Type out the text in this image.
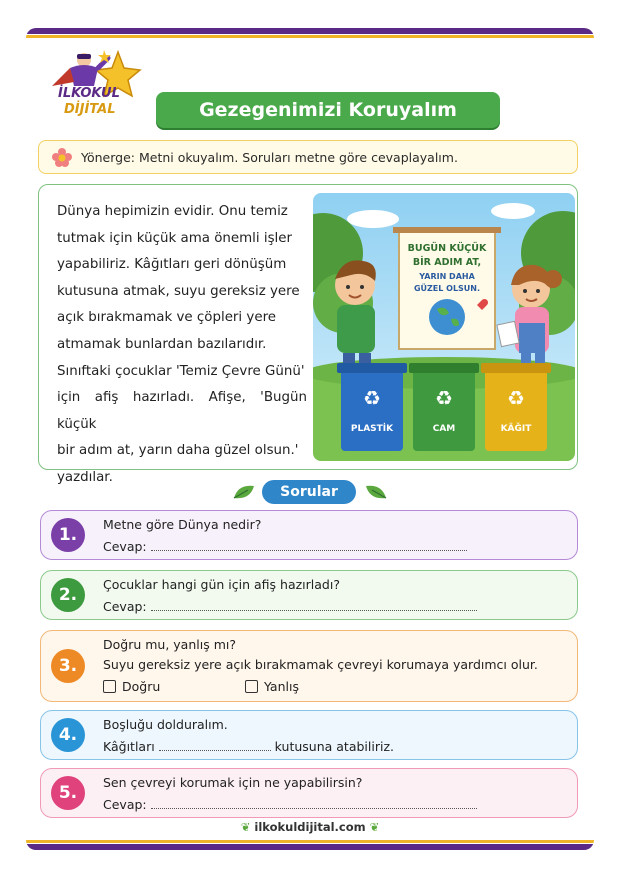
İLKOKUL
DİJİTAL	Gezegenimizi Koruyalım
Yönerge: Metni okuyalım. Soruları metne göre cevaplayalım.
Dünya hepimizin evidir. Onu temiz
tutmak için küçük ama önemli işler
yapabiliriz. Kâğıtları geri dönüşüm
kutusuna atmak, suyu gereksiz yere
açık bırakmamak ve çöpleri yere
atmamak bunlardan bazılarıdır.
Sınıftaki çocuklar 'Temiz Çevre Günü'
için afiş hazırladı. Afişe, 'Bugün küçük
bir adım at, yarın daha güzel olsun.'
yazdılar.
BUGÜN KÜÇÜK
BİR ADIM AT,
YARIN DAHA
GÜZEL OLSUN.
♻	♻	♻
PLASTİK	CAM	KÂĞIT
Sorular
1.
Metne göre Dünya nedir?
Cevap:
2.
Çocuklar hangi gün için afiş hazırladı?
Cevap:
3.
Doğru mu, yanlış mı?
Suyu gereksiz yere açık bırakmamak çevreyi korumaya yardımcı olur.
Doğru	Yanlış
4.
Boşluğu dolduralım.
Kâğıtları	kutusuna atabiliriz.
5.
Sen çevreyi korumak için ne yapabilirsin?
Cevap:
❦ ilkokuldijital.com ❦
